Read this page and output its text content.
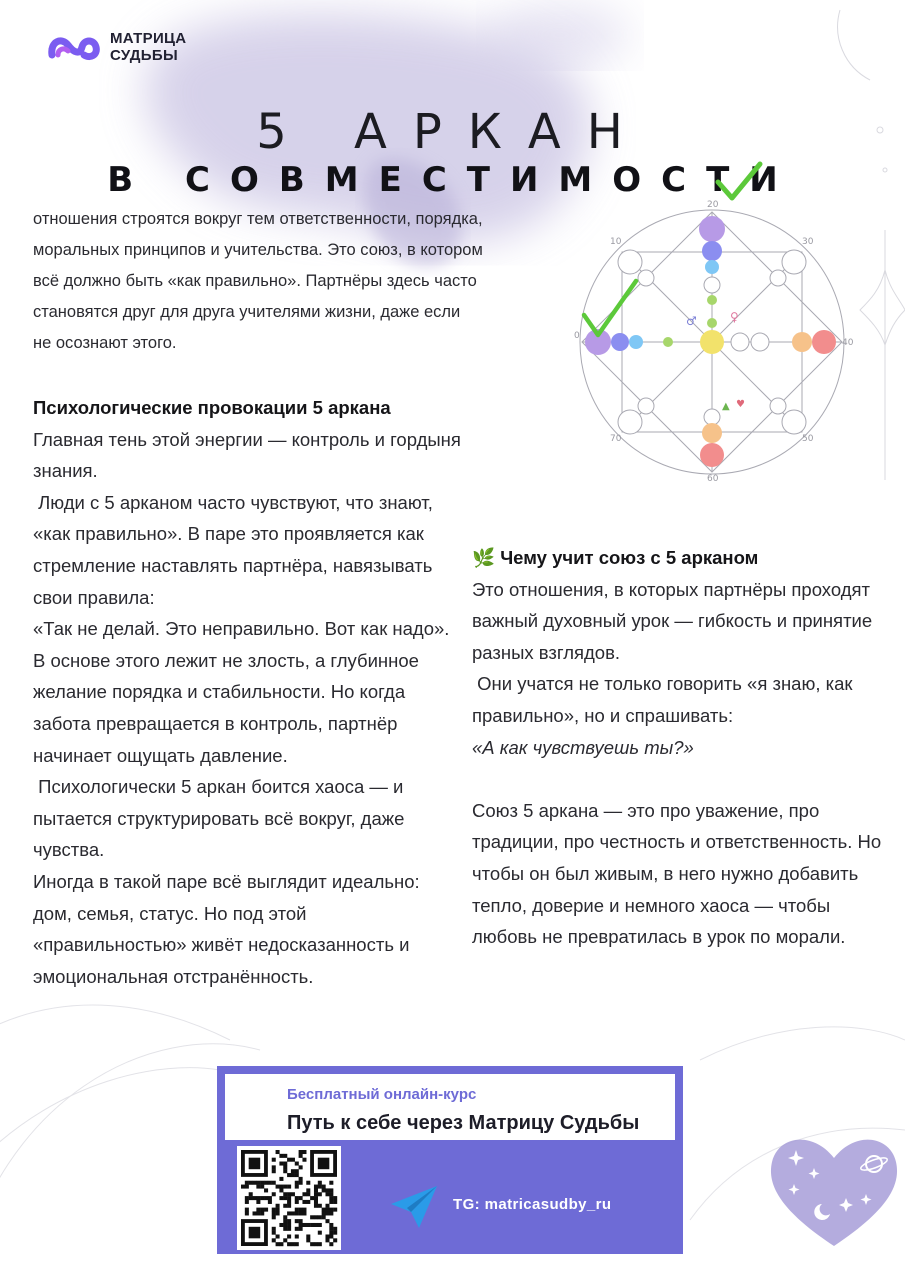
МАТРИЦА
СУДЬБЫ
5 АРКАН
В СОВМЕСТИМОСТИ
отношения строятся вокруг тем ответственности, порядка, моральных принципов и учительства. Это союз, в котором всё должно быть «как правильно». Партнёры здесь часто становятся друг для друга учителями жизни, даже если не осознают этого.
♂	♀
▲ ♥
20
10	30
0
40
50
70
60

Психологические провокации 5 аркана

Главная тень этой энергии — контроль и гордыня знания.

Люди с 5 арканом часто чувствуют, что знают, «как правильно». В паре это проявляется как стремление наставлять партнёра, навязывать свои правила:

«Так не делай. Это неправильно. Вот как надо».

В основе этого лежит не злость, а глубинное желание порядка и стабильности. Но когда забота превращается в контроль, партнёр начинает ощущать давление.

Психологически 5 аркан боится хаоса — и пытается структурировать всё вокруг, даже чувства.

Иногда в такой паре всё выглядит идеально: дом, семья, статус. Но под этой «правильностью» живёт недосказанность и эмоциональная отстранённость.

🌿 Чему учит союз с 5 арканом

Это отношения, в которых партнёры проходят важный духовный урок — гибкость и принятие разных взглядов.

Они учатся не только говорить «я знаю, как правильно», но и спрашивать:

«А как чувствуешь ты?»

Союз 5 аркана — это про уважение, про традиции, про честность и ответственность. Но чтобы он был живым, в него нужно добавить тепло, доверие и немного хаоса — чтобы любовь не превратилась в урок по морали.

Бесплатный онлайн-курс
Путь к себе через Матрицу Судьбы
TG: matricasudby_ru
